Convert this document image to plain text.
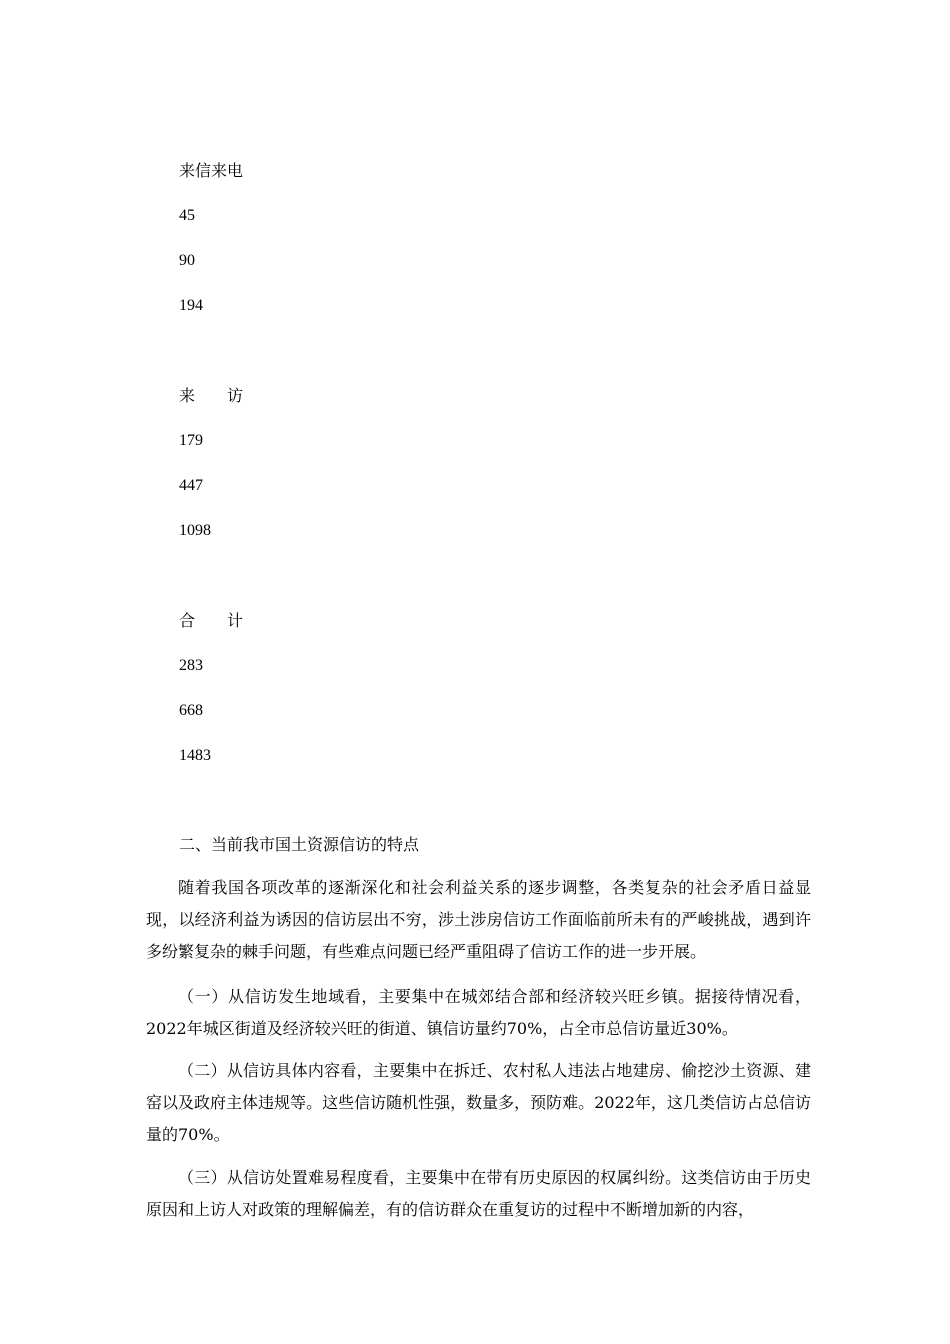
来信来电
45
90
194
来　　访
179
447
1098
合　　计
283
668
1483
二、当前我市国土资源信访的特点
随着我国各项改革的逐渐深化和社会利益关系的逐步调整，各类复杂的社会矛盾日益显现，以经济利益为诱因的信访层出不穷，涉土涉房信访工作面临前所未有的严峻挑战，遇到许多纷繁复杂的棘手问题，有些难点问题已经严重阻碍了信访工作的进一步开展。
（一）从信访发生地域看，主要集中在城郊结合部和经济较兴旺乡镇。据接待情况看，2022年城区街道及经济较兴旺的街道、镇信访量约70%，占全市总信访量近30%。
（二）从信访具体内容看，主要集中在拆迁、农村私人违法占地建房、偷挖沙土资源、建窑以及政府主体违规等。这些信访随机性强，数量多，预防难。2022年，这几类信访占总信访量的70%。
（三）从信访处置难易程度看，主要集中在带有历史原因的权属纠纷。这类信访由于历史原因和上访人对政策的理解偏差，有的信访群众在重复访的过程中不断增加新的内容，
